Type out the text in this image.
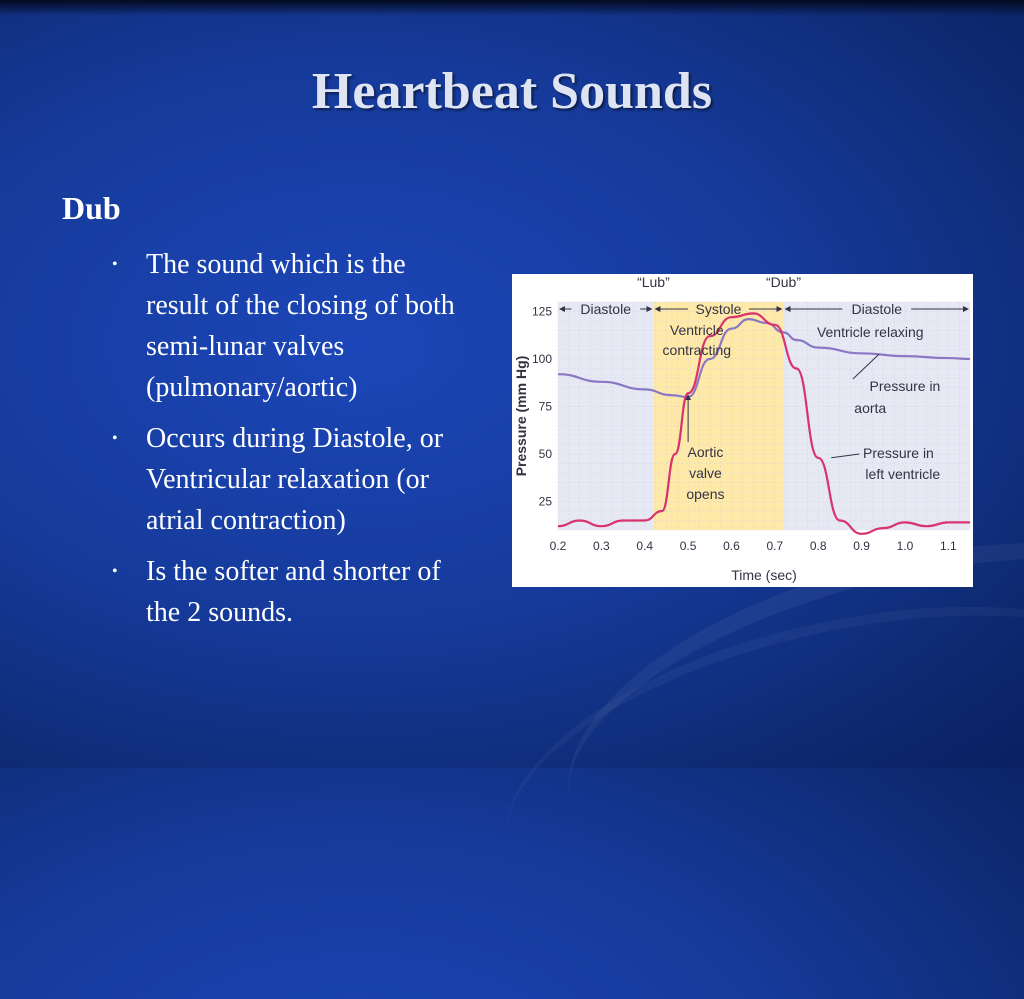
Heartbeat Sounds
Dub
• The sound which is the result of the closing of both semi-lunar valves (pulmonary/aortic)
• Occurs during Diastole, or Ventricular relaxation (or atrial contraction)
• Is the softer and shorter of the 2 sounds.
0.2 0.3 0.4 0.5 0.6 0.7 0.8 0.9 1.0 1.1
25
50
75
100
125
Time (sec)
Pressure (mm Hg)
“Lub”	“Dub”
Diastole	Systole	Diastole
Ventricle
contracting
Ventricle relaxing
Aortic
valve
opens
Pressure in
aorta
Pressure in
left ventricle
